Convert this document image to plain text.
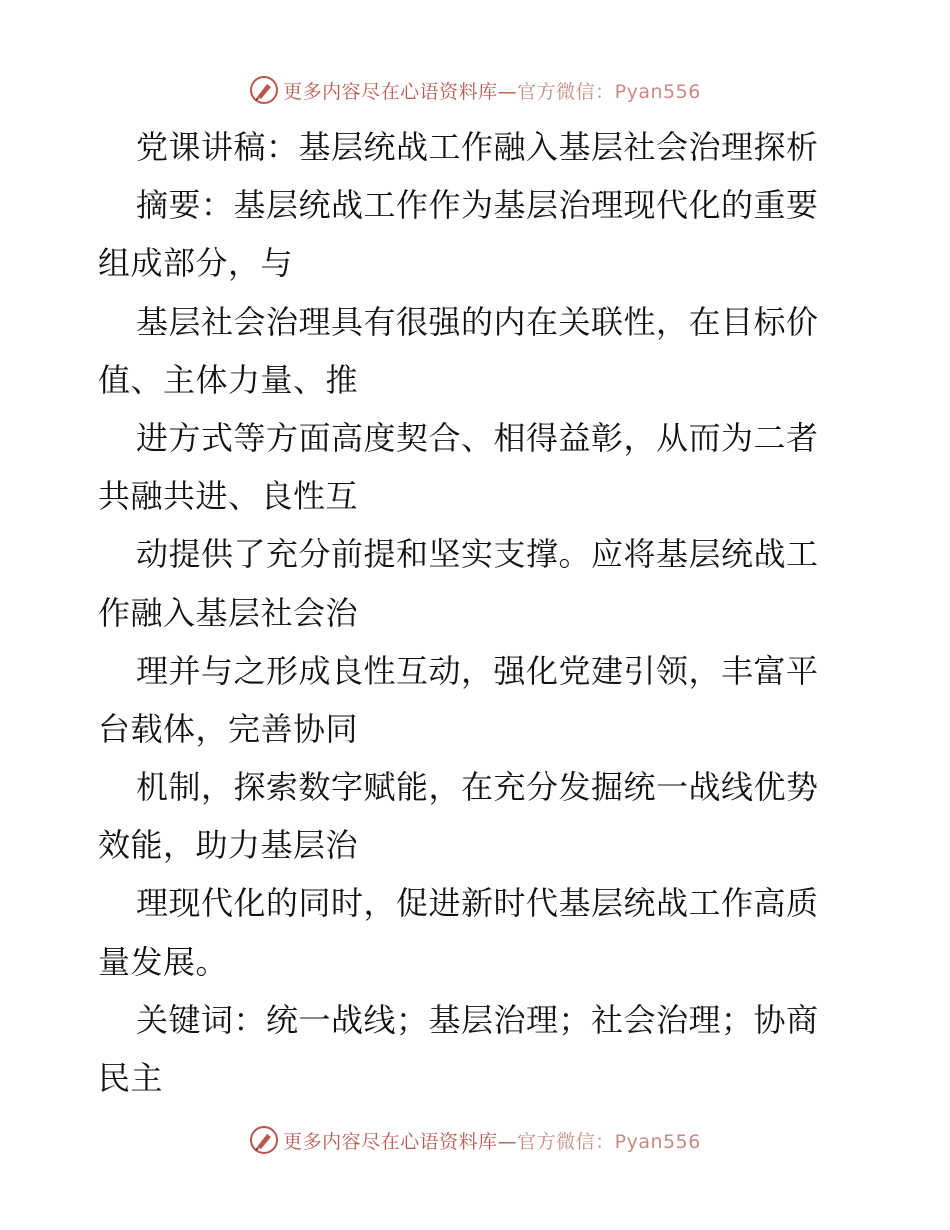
更多内容尽在心语资料库—官方微信：Pyan556
党课讲稿：基层统战工作融入基层社会治理探析
摘要：基层统战工作作为基层治理现代化的重要
组成部分，与
基层社会治理具有很强的内在关联性，在目标价
值、主体力量、推
进方式等方面高度契合、相得益彰，从而为二者
共融共进、良性互
动提供了充分前提和坚实支撑。应将基层统战工
作融入基层社会治
理并与之形成良性互动，强化党建引领，丰富平
台载体，完善协同
机制，探索数字赋能，在充分发掘统一战线优势
效能，助力基层治
理现代化的同时，促进新时代基层统战工作高质
量发展。
关键词：统一战线；基层治理；社会治理；协商
民主
更多内容尽在心语资料库—官方微信：Pyan556
